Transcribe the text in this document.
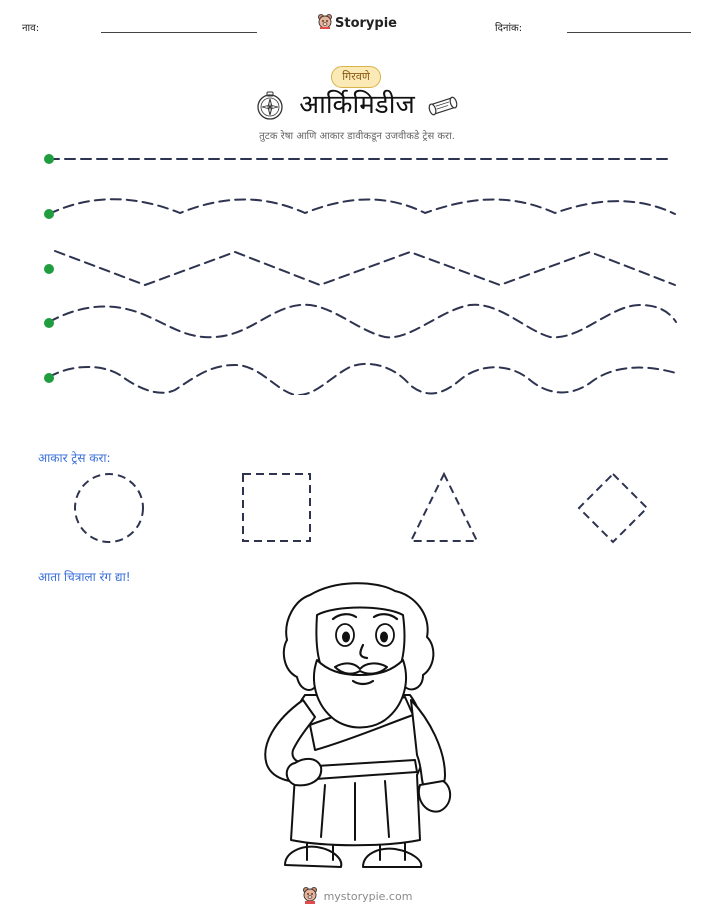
नाव:	Storypie	दिनांक:
गिरवणे
आर्किमिडीज
तुटक रेषा आणि आकार डावीकडून उजवीकडे ट्रेस करा.
आकार ट्रेस करा:
आता चित्राला रंग द्या!
mystorypie.com
